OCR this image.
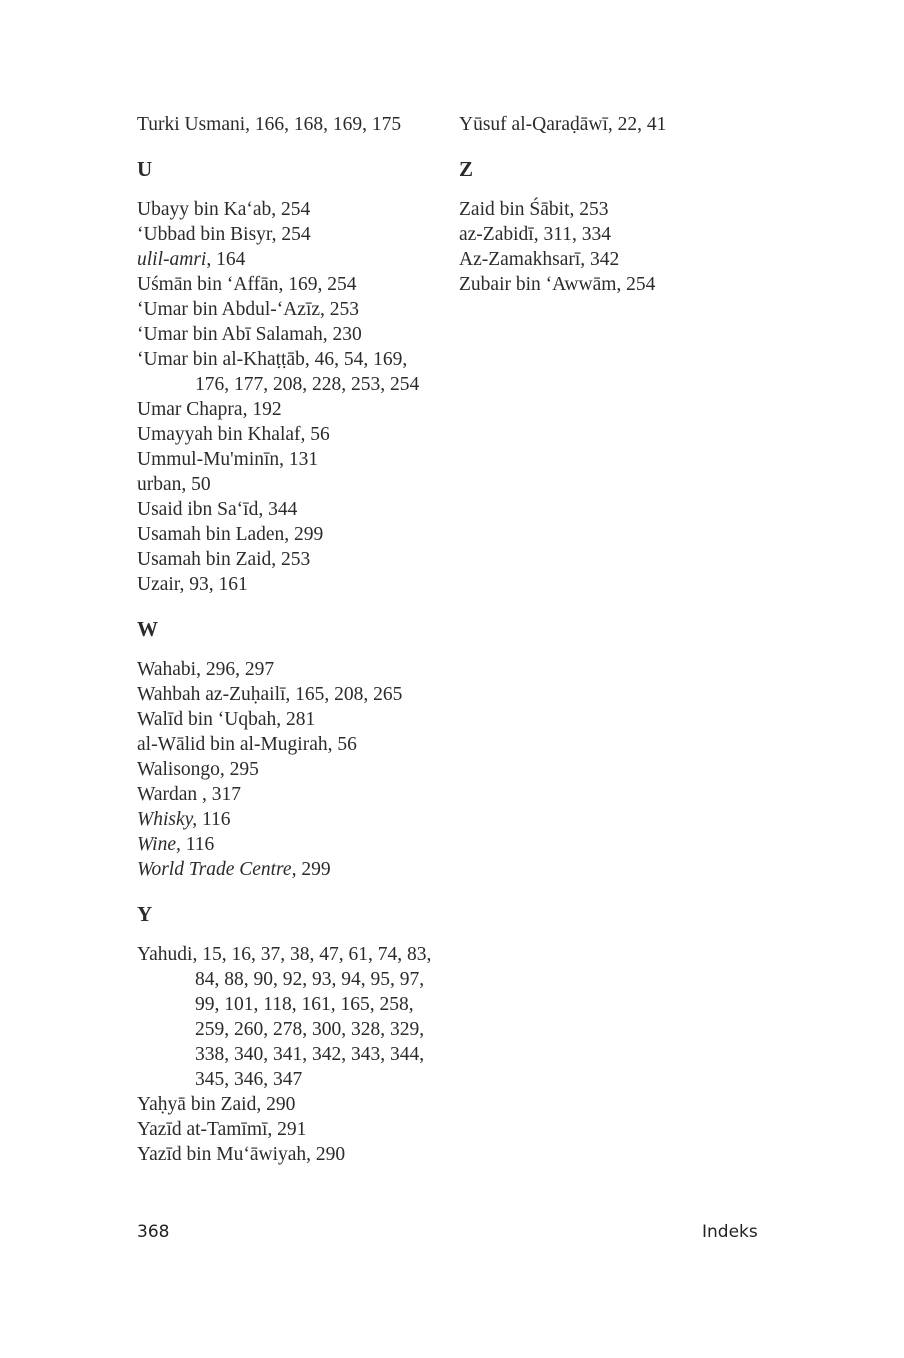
Turki Usmani, 166, 168, 169, 175
U
Ubayy bin Ka‘ab, 254
‘Ubbad bin Bisyr, 254
ulil-amri, 164
Uśmān bin ‘Affān, 169, 254
‘Umar bin Abdul-‘Azīz, 253
‘Umar bin Abī Salamah, 230
‘Umar bin al-Khaṭṭāb, 46, 54, 169,
176, 177, 208, 228, 253, 254
Umar Chapra, 192
Umayyah bin Khalaf, 56
Ummul-Mu'minīn, 131
urban, 50
Usaid ibn Sa‘īd, 344
Usamah bin Laden, 299
Usamah bin Zaid, 253
Uzair, 93, 161
W
Wahabi, 296, 297
Wahbah az-Zuḥailī, 165, 208, 265
Walīd bin ‘Uqbah, 281
al-Wālid bin al-Mugirah, 56
Walisongo, 295
Wardan , 317
Whisky, 116
Wine, 116
World Trade Centre, 299
Y
Yahudi, 15, 16, 37, 38, 47, 61, 74, 83,
84, 88, 90, 92, 93, 94, 95, 97,
99, 101, 118, 161, 165, 258,
259, 260, 278, 300, 328, 329,
338, 340, 341, 342, 343, 344,
345, 346, 347
Yaḥyā bin Zaid, 290
Yazīd at-Tamīmī, 291
Yazīd bin Mu‘āwiyah, 290
Yūsuf al-Qaraḍāwī, 22, 41
Z
Zaid bin Śābit, 253
az-Zabidī, 311, 334
Az-Zamakhsarī, 342
Zubair bin ‘Awwām, 254
368	Indeks
